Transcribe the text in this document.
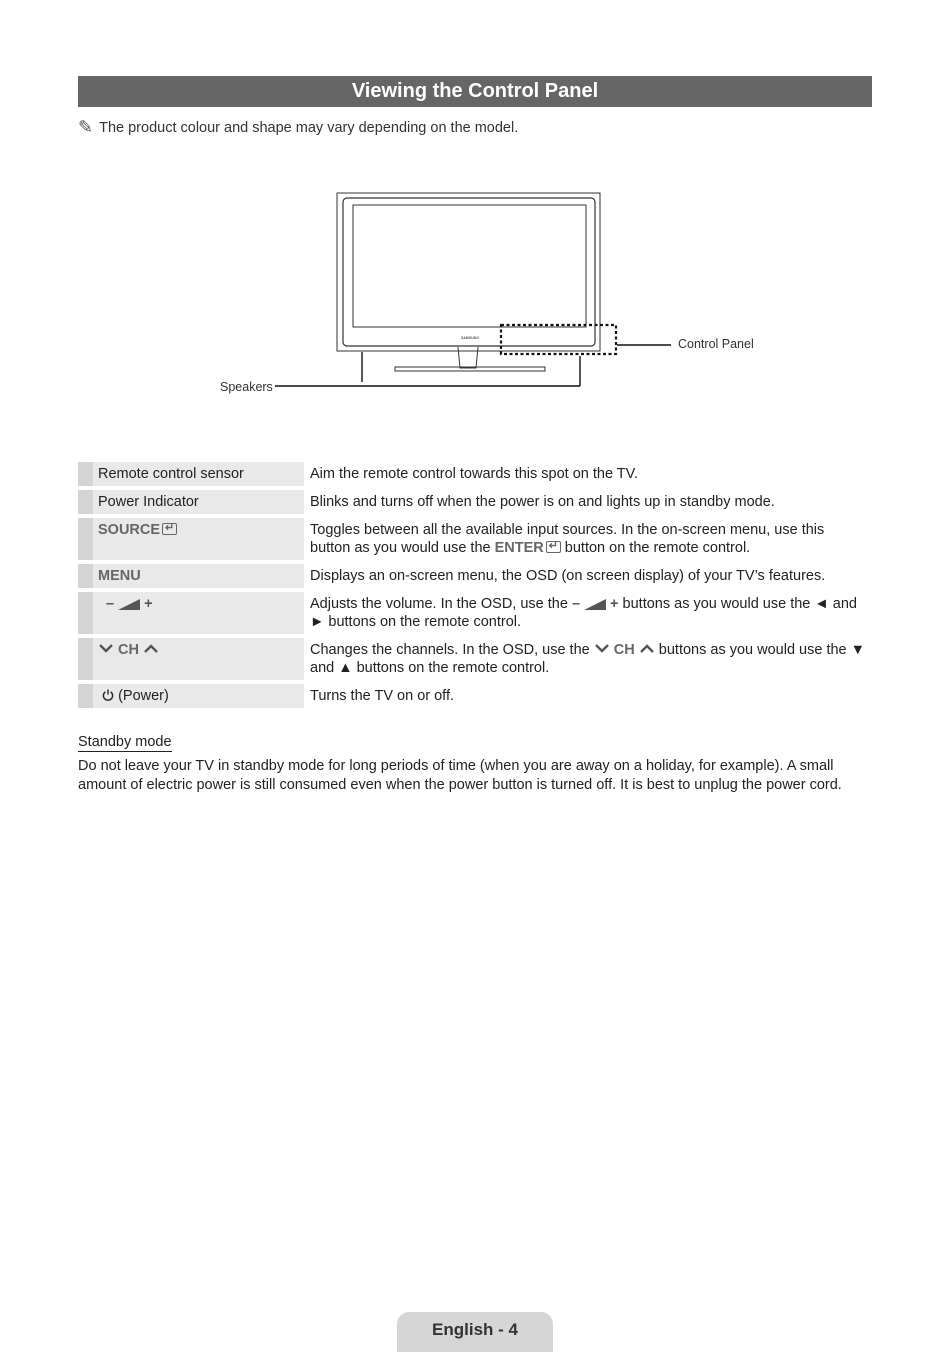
Viewing the Control Panel
✎ The product colour and shape may vary depending on the model.
SAMSUNG	Control Panel
Speakers
	Remote control sensor	Aim the remote control towards this spot on the TV.
	Power Indicator	Blinks and turns off when the power is on and lights up in standby mode.
	SOURCE↵	Toggles between all the available input sources. In the on-screen menu, use this button as you would use the ENTER ↵ button on the remote control.
	MENU	Displays an on-screen menu, the OSD (on screen display) of your TV’s features.

	– +	Adjusts the volume. In the OSD, use the – + buttons as you would use the ◄ and ► buttons on the remote control.
	CH	Changes the channels. In the OSD, use the CH buttons as you would use the ▼ and ▲ buttons on the remote control.
	(Power)	Turns the TV on or off.
Standby mode
Do not leave your TV in standby mode for long periods of time (when you are away on a holiday, for example). A small amount of electric power is still consumed even when the power button is turned off. It is best to unplug the power cord.
English - 4
